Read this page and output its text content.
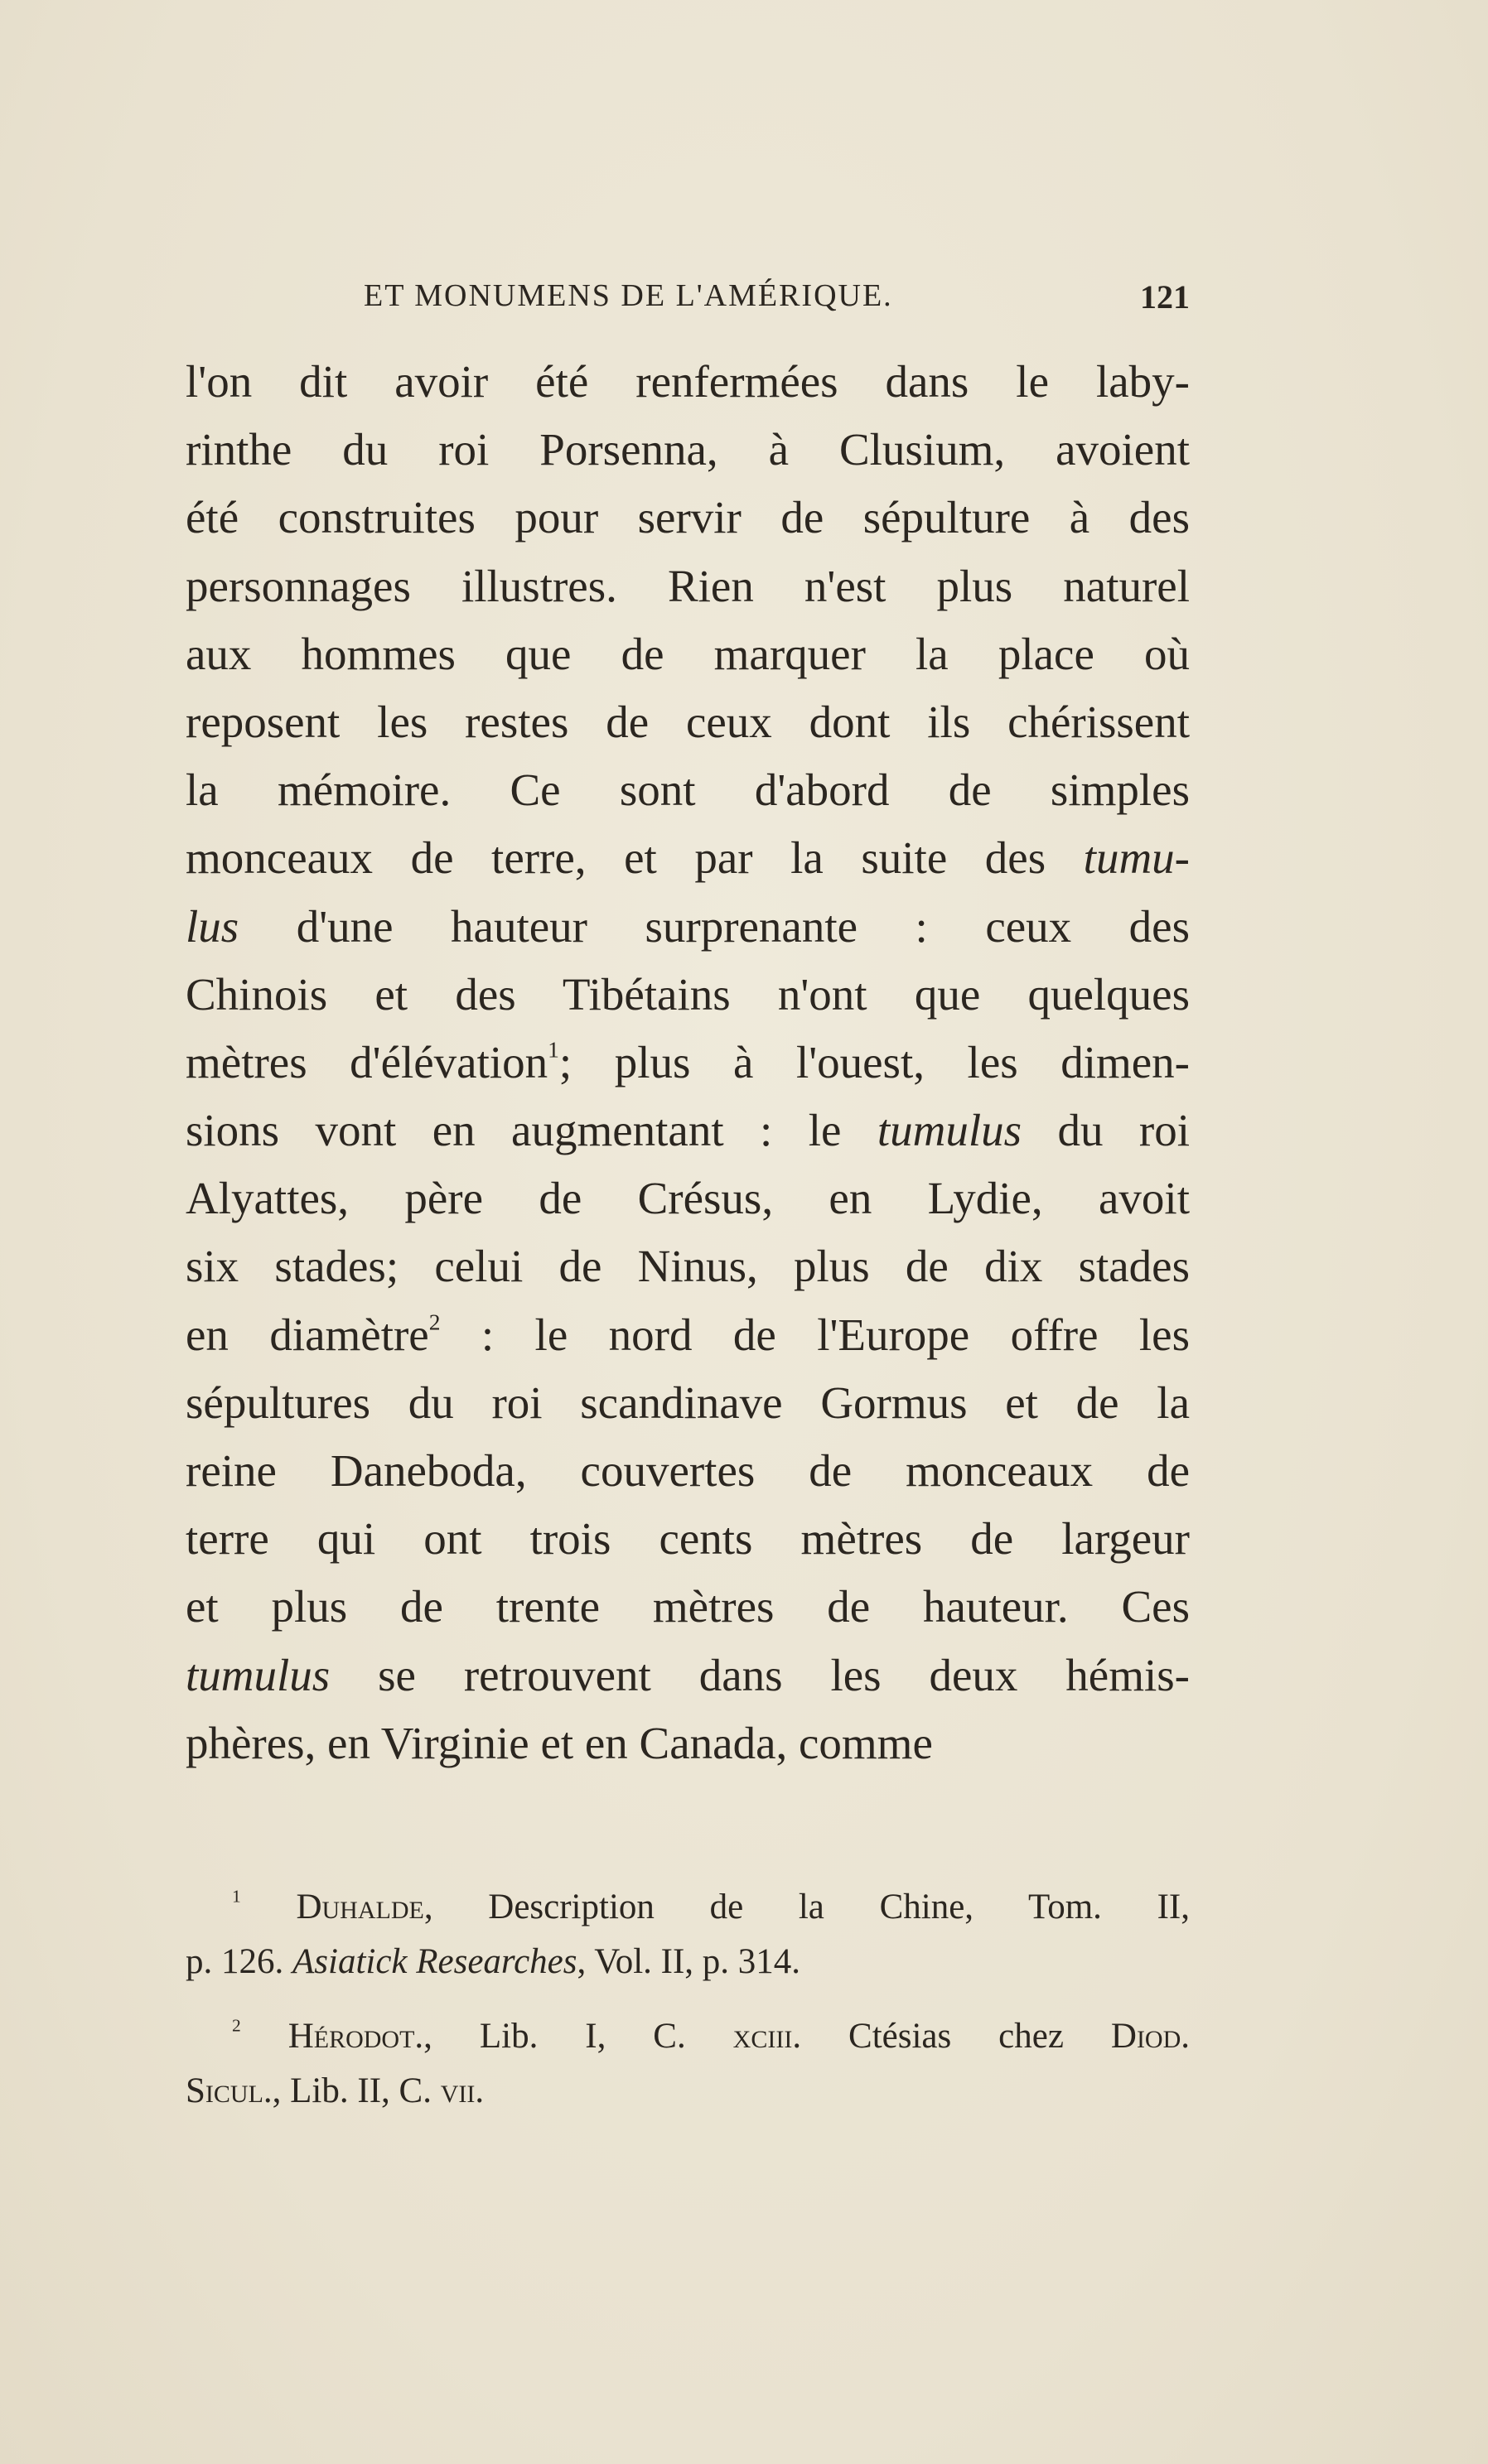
ET MONUMENS DE L'AMÉRIQUE.	121
l'on dit avoir été renfermées dans le laby-
rinthe du roi Porsenna, à Clusium, avoient
été construites pour servir de sépulture à des
personnages illustres. Rien n'est plus naturel
aux hommes que de marquer la place où
reposent les restes de ceux dont ils chérissent
la mémoire. Ce sont d'abord de simples
monceaux de terre, et par la suite des tumu-
lus d'une hauteur surprenante : ceux des
Chinois et des Tibétains n'ont que quelques
mètres d'élévation$^1$; plus à l'ouest, les dimen-
sions vont en augmentant : le tumulus du roi
Alyattes, père de Crésus, en Lydie, avoit
six stades; celui de Ninus, plus de dix stades
en diamètre$^2$ : le nord de l'Europe offre les
sépultures du roi scandinave Gormus et de la
reine Daneboda, couvertes de monceaux de
terre qui ont trois cents mètres de largeur
et plus de trente mètres de hauteur. Ces
tumulus se retrouvent dans les deux hémis-
phères, en Virginie et en Canada, comme
$^1$ Duhalde, Description de la Chine, Tom. II,
p. 126. Asiatick Researches, Vol. II, p. 314.
$^2$ Hérodot., Lib. I, C. xciii. Ctésias chez Diod.
Sicul., Lib. II, C. vii.
